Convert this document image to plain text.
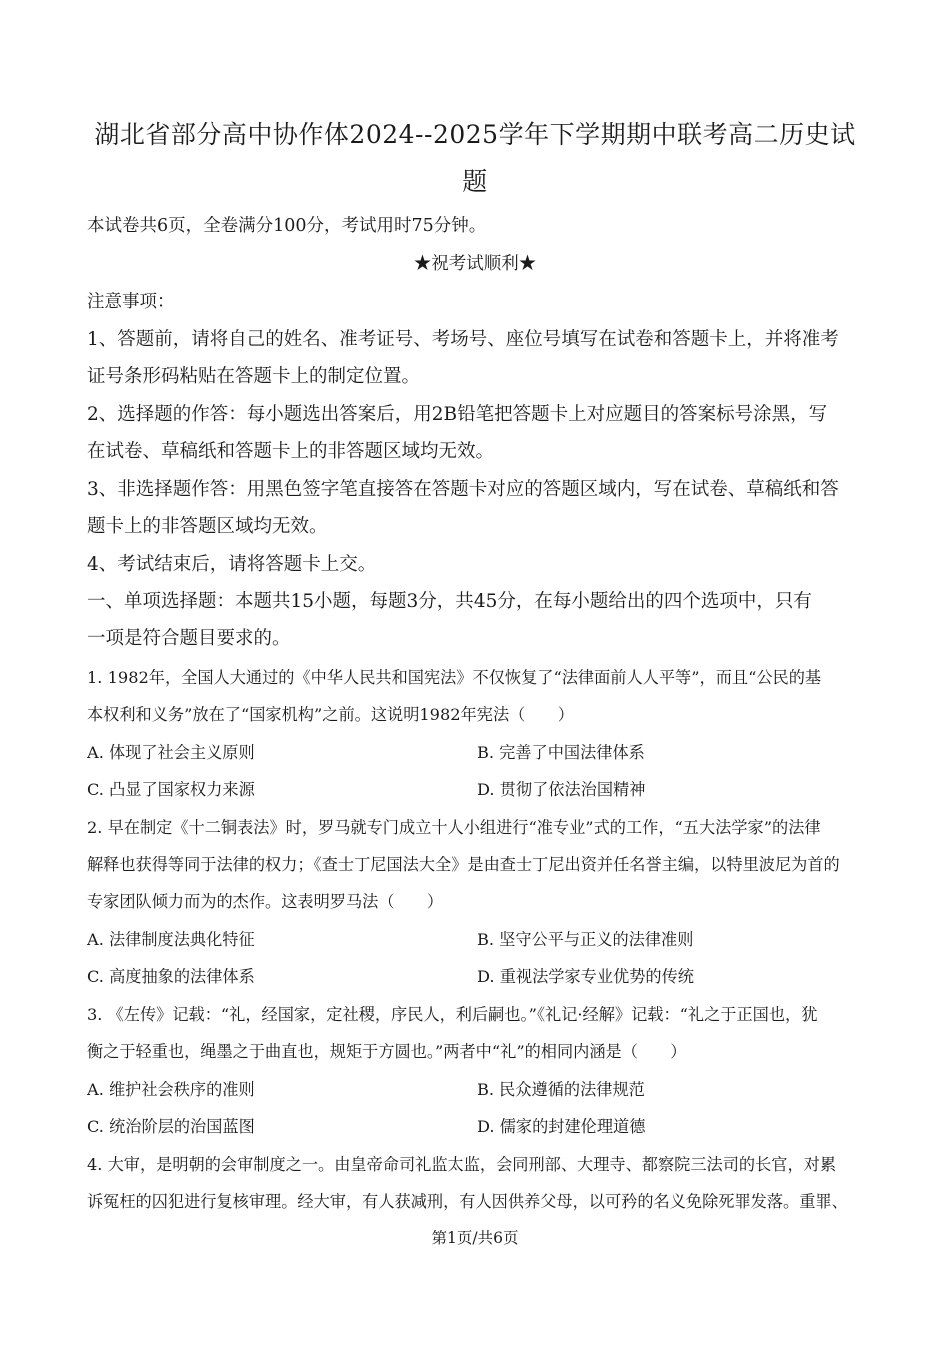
湖北省部分高中协作体2024--2025学年下学期期中联考高二历史试
题
本试卷共6页，全卷满分100分，考试用时75分钟。
★祝考试顺利★
注意事项：
1、答题前，请将自己的姓名、准考证号、考场号、座位号填写在试卷和答题卡上，并将准考
证号条形码粘贴在答题卡上的制定位置。
2、选择题的作答：每小题选出答案后，用2B铅笔把答题卡上对应题目的答案标号涂黑，写
在试卷、草稿纸和答题卡上的非答题区域均无效。
3、非选择题作答：用黑色签字笔直接答在答题卡对应的答题区域内，写在试卷、草稿纸和答
题卡上的非答题区域均无效。
4、考试结束后，请将答题卡上交。
一、单项选择题：本题共15小题，每题3分，共45分，在每小题给出的四个选项中，只有
一项是符合题目要求的。
1. 1982年，全国人大通过的《中华人民共和国宪法》不仅恢复了“法律面前人人平等”，而且“公民的基
本权利和义务”放在了“国家机构”之前。这说明1982年宪法（　　）
A. 体现了社会主义原则	B. 完善了中国法律体系
C. 凸显了国家权力来源	D. 贯彻了依法治国精神
2. 早在制定《十二铜表法》时，罗马就专门成立十人小组进行“准专业”式的工作，“五大法学家”的法律
解释也获得等同于法律的权力；《查士丁尼国法大全》是由查士丁尼出资并任名誉主编，以特里波尼为首的
专家团队倾力而为的杰作。这表明罗马法（　　）
A. 法律制度法典化特征	B. 坚守公平与正义的法律准则
C. 高度抽象的法律体系	D. 重视法学家专业优势的传统
3. 《左传》记载：“礼，经国家，定社稷，序民人，利后嗣也。”《礼记·经解》记载：“礼之于正国也，犹
衡之于轻重也，绳墨之于曲直也，规矩于方圆也。”两者中“礼”的相同内涵是（　　）
A. 维护社会秩序的准则	B. 民众遵循的法律规范
C. 统治阶层的治国蓝图	D. 儒家的封建伦理道德
4. 大审，是明朝的会审制度之一。由皇帝命司礼监太监，会同刑部、大理寺、都察院三法司的长官，对累
诉冤枉的囚犯进行复核审理。经大审，有人获减刑，有人因供养父母，以可矜的名义免除死罪发落。重罪、
第1页/共6页
